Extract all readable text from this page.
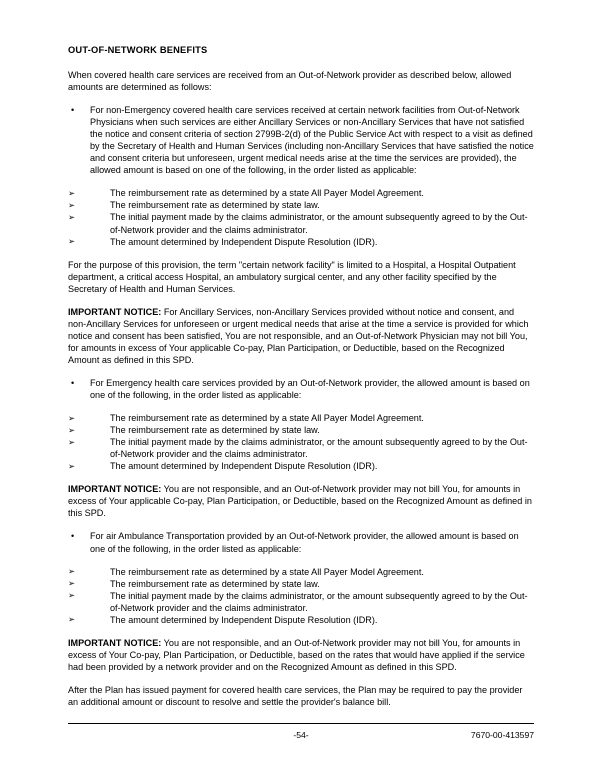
OUT-OF-NETWORK BENEFITS

When covered health care services are received from an Out-of-Network provider as described below, allowed amounts are determined as follows:

• For non-Emergency covered health care services received at certain network facilities from Out-of-Network Physicians when such services are either Ancillary Services or non-Ancillary Services that have not satisfied the notice and consent criteria of section 2799B-2(d) of the Public Service Act with respect to a visit as defined by the Secretary of Health and Human Services (including non-Ancillary Services that have satisfied the notice and consent criteria but unforeseen, urgent medical needs arise at the time the services are provided), the allowed amount is based on one of the following, in the order listed as applicable:
➢	The reimbursement rate as determined by a state All Payer Model Agreement.
➢	The reimbursement rate as determined by state law.
➢	The initial payment made by the claims administrator, or the amount subsequently agreed to by the Out-of-Network provider and the claims administrator.
➢	The amount determined by Independent Dispute Resolution (IDR).

For the purpose of this provision, the term "certain network facility" is limited to a Hospital, a Hospital Outpatient department, a critical access Hospital, an ambulatory surgical center, and any other facility specified by the Secretary of Health and Human Services.

IMPORTANT NOTICE: For Ancillary Services, non-Ancillary Services provided without notice and consent, and non-Ancillary Services for unforeseen or urgent medical needs that arise at the time a service is provided for which notice and consent has been satisfied, You are not responsible, and an Out-of-Network Physician may not bill You, for amounts in excess of Your applicable Co-pay, Plan Participation, or Deductible, based on the Recognized Amount as defined in this SPD.

• For Emergency health care services provided by an Out-of-Network provider, the allowed amount is based on one of the following, in the order listed as applicable:
➢	The reimbursement rate as determined by a state All Payer Model Agreement.
➢	The reimbursement rate as determined by state law.
➢	The initial payment made by the claims administrator, or the amount subsequently agreed to by the Out-of-Network provider and the claims administrator.
➢	The amount determined by Independent Dispute Resolution (IDR).

IMPORTANT NOTICE: You are not responsible, and an Out-of-Network provider may not bill You, for amounts in excess of Your applicable Co-pay, Plan Participation, or Deductible, based on the Recognized Amount as defined in this SPD.

• For air Ambulance Transportation provided by an Out-of-Network provider, the allowed amount is based on one of the following, in the order listed as applicable:
➢	The reimbursement rate as determined by a state All Payer Model Agreement.
➢	The reimbursement rate as determined by state law.
➢	The initial payment made by the claims administrator, or the amount subsequently agreed to by the Out-of-Network provider and the claims administrator.
➢	The amount determined by Independent Dispute Resolution (IDR).

IMPORTANT NOTICE: You are not responsible, and an Out-of-Network provider may not bill You, for amounts in excess of Your Co-pay, Plan Participation, or Deductible, based on the rates that would have applied if the service had been provided by a network provider and on the Recognized Amount as defined in this SPD.

After the Plan has issued payment for covered health care services, the Plan may be required to pay the provider an additional amount or discount to resolve and settle the provider's balance bill.

-54-	7670-00-413597
